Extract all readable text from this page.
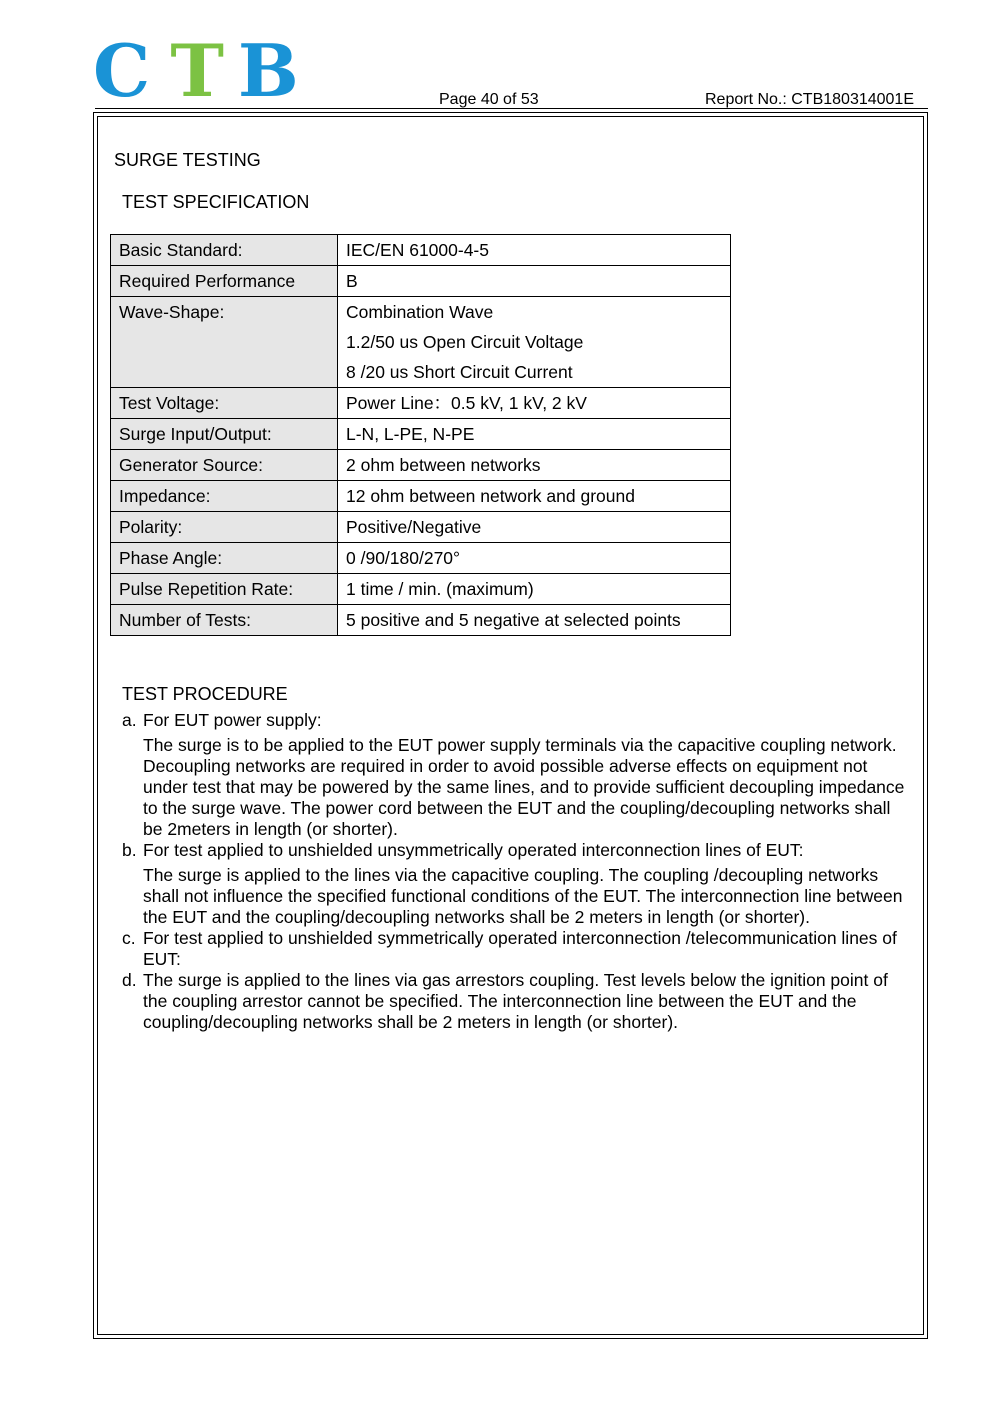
C T B	Page 40 of 53	Report No.: CTB180314001E
SURGE TESTING
TEST SPECIFICATION
Basic Standard:	IEC/EN 61000-4-5
Required Performance	B
Wave-Shape:	Combination Wave
1.2/50 us Open Circuit Voltage
8 /20 us Short Circuit Current

Test Voltage:	Power Line：0.5 kV, 1 kV, 2 kV
Surge Input/Output:	L-N, L-PE, N-PE
Generator Source:	2 ohm between networks
Impedance:	12 ohm between network and ground
Polarity:	Positive/Negative
Phase Angle:	0 /90/180/270°
Pulse Repetition Rate:	1 time / min. (maximum)
Number of Tests:	5 positive and 5 negative at selected points
TEST PROCEDURE
a. For EUT power supply:
The surge is to be applied to the EUT power supply terminals via the capacitive coupling network. Decoupling networks are required in order to avoid possible adverse effects on equipment not under test that may be powered by the same lines, and to provide sufficient decoupling impedance to the surge wave. The power cord between the EUT and the coupling/decoupling networks shall be 2meters in length (or shorter).
b. For test applied to unshielded unsymmetrically operated interconnection lines of EUT:
The surge is applied to the lines via the capacitive coupling. The coupling /decoupling networks shall not influence the specified functional conditions of the EUT. The interconnection line between the EUT and the coupling/decoupling networks shall be 2 meters in length (or shorter).
c. For test applied to unshielded symmetrically operated interconnection /telecommunication lines of EUT:
d. The surge is applied to the lines via gas arrestors coupling. Test levels below the ignition point of the coupling arrestor cannot be specified. The interconnection line between the EUT and the coupling/decoupling networks shall be 2 meters in length (or shorter).
